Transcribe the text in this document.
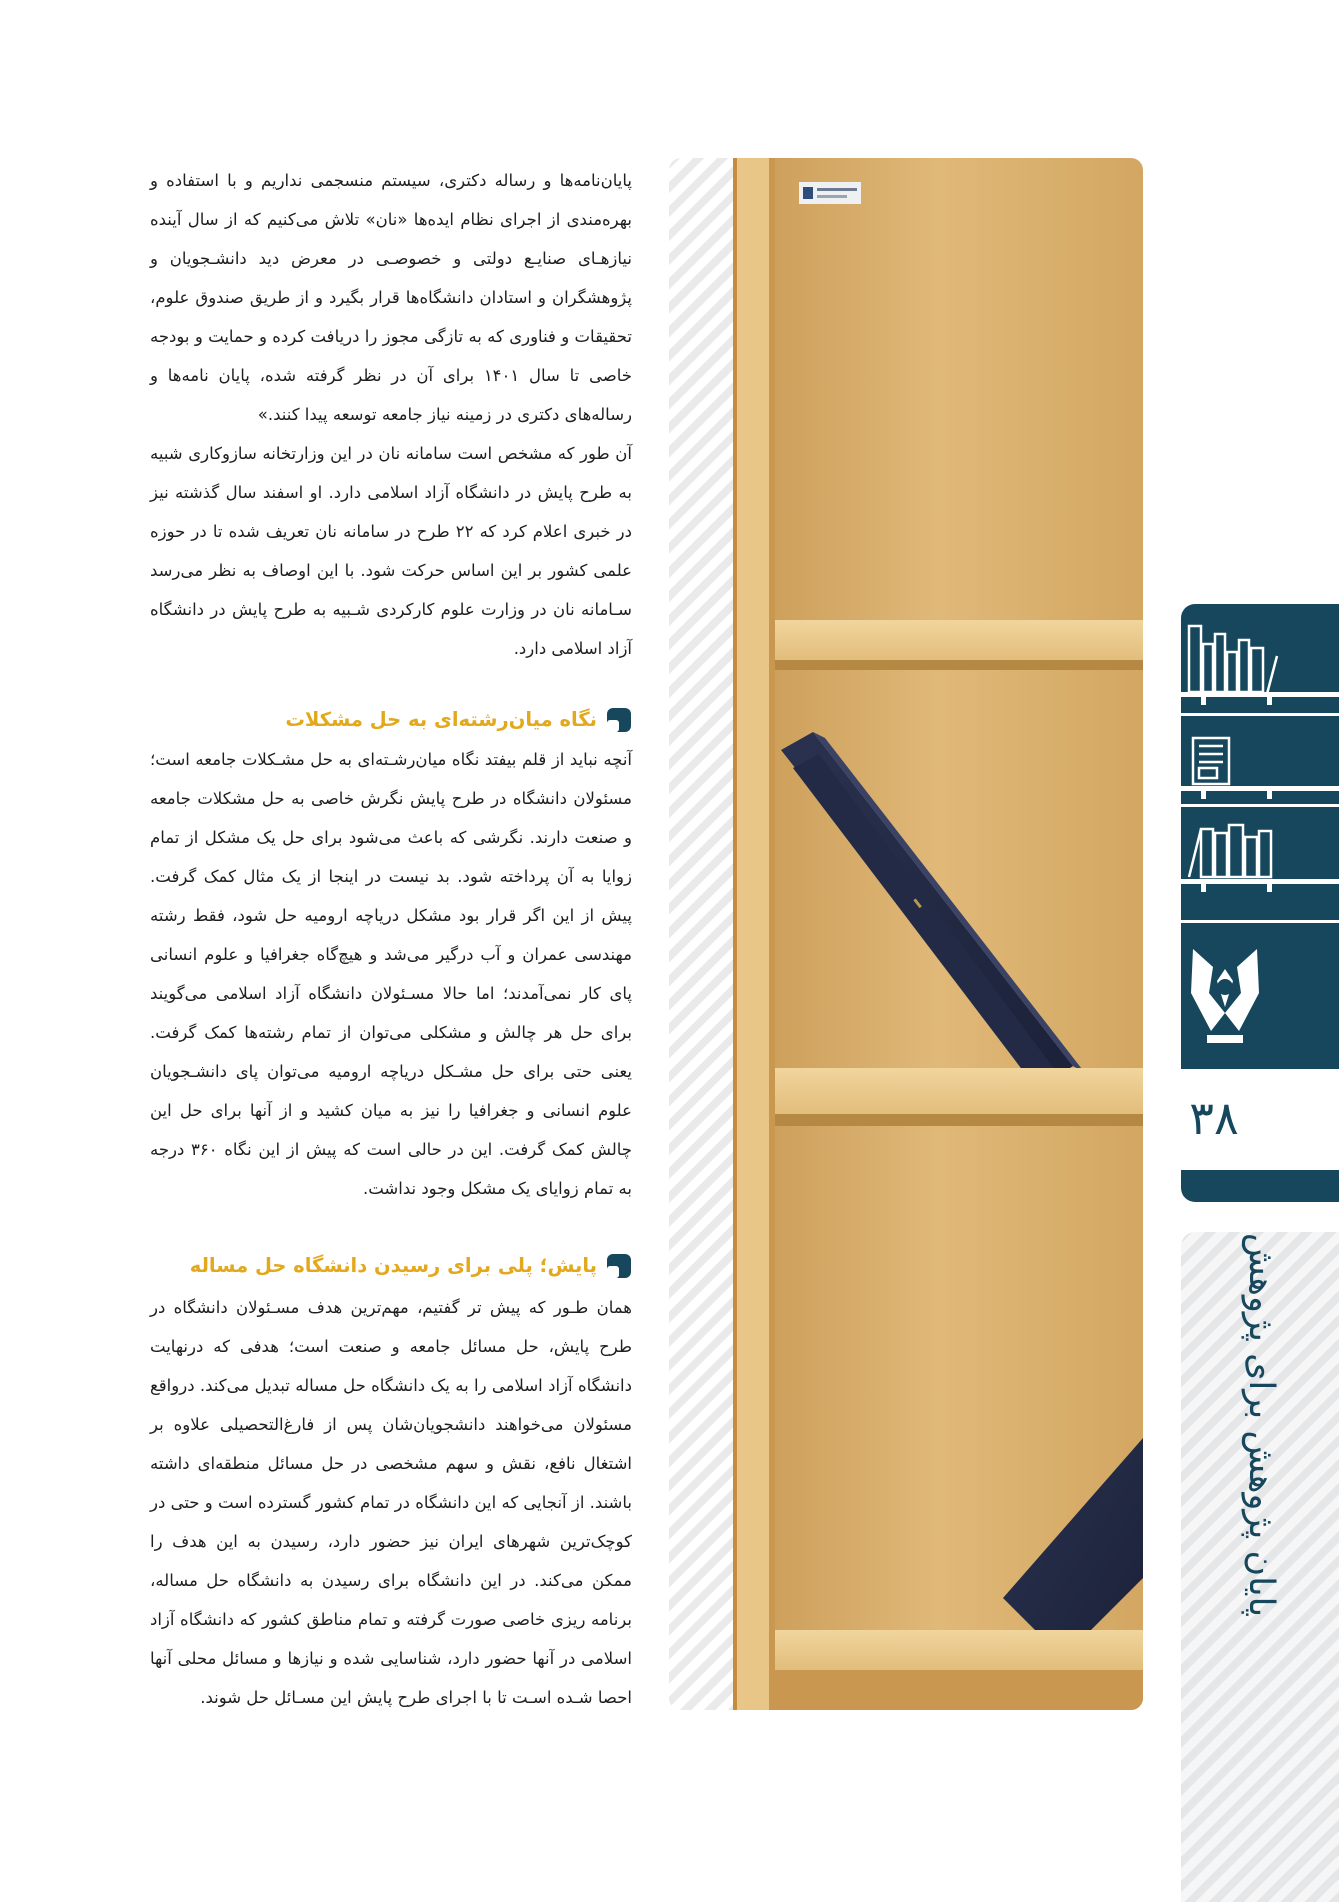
پایان‌نامه‌ها و رساله دکتری، سیستم منسجمی نداریم و با استفاده و بهره‌مندی از اجرای نظام ایده‌ها «نان» تلاش می‌کنیم که از سال آینده نیازهـای صنایـع دولتی و خصوصـی در معرض دید دانشـجویان و پژوهشگران و استادان دانشگاه‌ها قرار بگیرد و از طریق صندوق علوم، تحقیقات و فناوری که به تازگی مجوز را دریافت کرده و حمایت و بودجه خاصی تا سال ۱۴۰۱ برای آن در نظر گرفته شده، پایان نامه‌ها و رساله‌های دکتری در زمینه نیاز جامعه توسعه پیدا کنند.»

آن طور که مشخص است سامانه نان در این وزارتخانه سازوکاری شبیه به طرح پایش در دانشگاه آزاد اسلامی دارد. او اسفند سال گذشته نیز در خبری اعلام کرد که ۲۲ طرح در سامانه نان تعریف شده تا در حوزه علمی کشور بر این اساس حرکت شود. با این اوصاف به نظر می‌رسد سـامانه نان در وزارت علوم کارکردی شـبیه به طرح پایش در دانشگاه آزاد اسلامی دارد.

نگاه میان‌رشته‌ای به حل مشکلات

آنچه نباید از قلم بیفتد نگاه میان‌رشـته‌ای به حل مشـکلات جامعه است؛ مسئولان دانشگاه در طرح پایش نگرش خاصی به حل مشکلات جامعه و صنعت دارند. نگرشی که باعث می‌شود برای حل یک مشکل از تمام زوایا به آن پرداخته شود. بد نیست در اینجا از یک مثال کمک گرفت. پیش از این اگر قرار بود مشکل دریاچه ارومیه حل شود، فقط رشته مهندسی عمران و آب درگیر می‌شد و هیچ‌گاه جغرافیا و علوم انسانی پای کار نمی‌آمدند؛ اما حالا مسـئولان دانشگاه آزاد اسلامی می‌گویند برای حل هر چالش و مشکلی می‌توان از تمام رشته‌ها کمک گرفت. یعنی حتی برای حل مشـکل دریاچه ارومیه می‌توان پای دانشـجویان علوم انسانی و جغرافیا را نیز به میان کشید و از آنها برای حل این چالش کمک گرفت. این در حالی است که پیش از این نگاه ۳۶۰ درجه به تمام زوایای یک مشکل وجود نداشت.

پایش؛ پلی برای رسیدن دانشگاه حل مساله

همان طـور که پیش تر گفتیم، مهم‌ترین هدف مسـئولان دانشگاه در طرح پایش، حل مسائل جامعه و صنعت است؛ هدفی که درنهایت دانشگاه آزاد اسلامی را به یک دانشگاه حل مساله تبدیل می‌کند. درواقع مسئولان می‌خواهند دانشجویان‌شان پس از فارغ‌التحصیلی علاوه بر اشتغال نافع، نقش و سهم مشخصی در حل مسائل منطقه‌ای داشته باشند. از آنجایی که این دانشگاه در تمام کشور گسترده است و حتی در کوچک‌ترین شهرهای ایران نیز حضور دارد، رسیدن به این هدف را ممکن می‌کند. در این دانشگاه برای رسیدن به دانشگاه حل مساله، برنامه ریزی خاصی صورت گرفته و تمام مناطق کشور که دانشگاه آزاد اسلامی در آنها حضور دارد، شناسایی شده و نیازها و مسائل محلی آنها احصا شـده اسـت تا با اجرای طرح پایش این مسـائل حل شوند.

۳۸
پایان پژوهش برای پژوهش
